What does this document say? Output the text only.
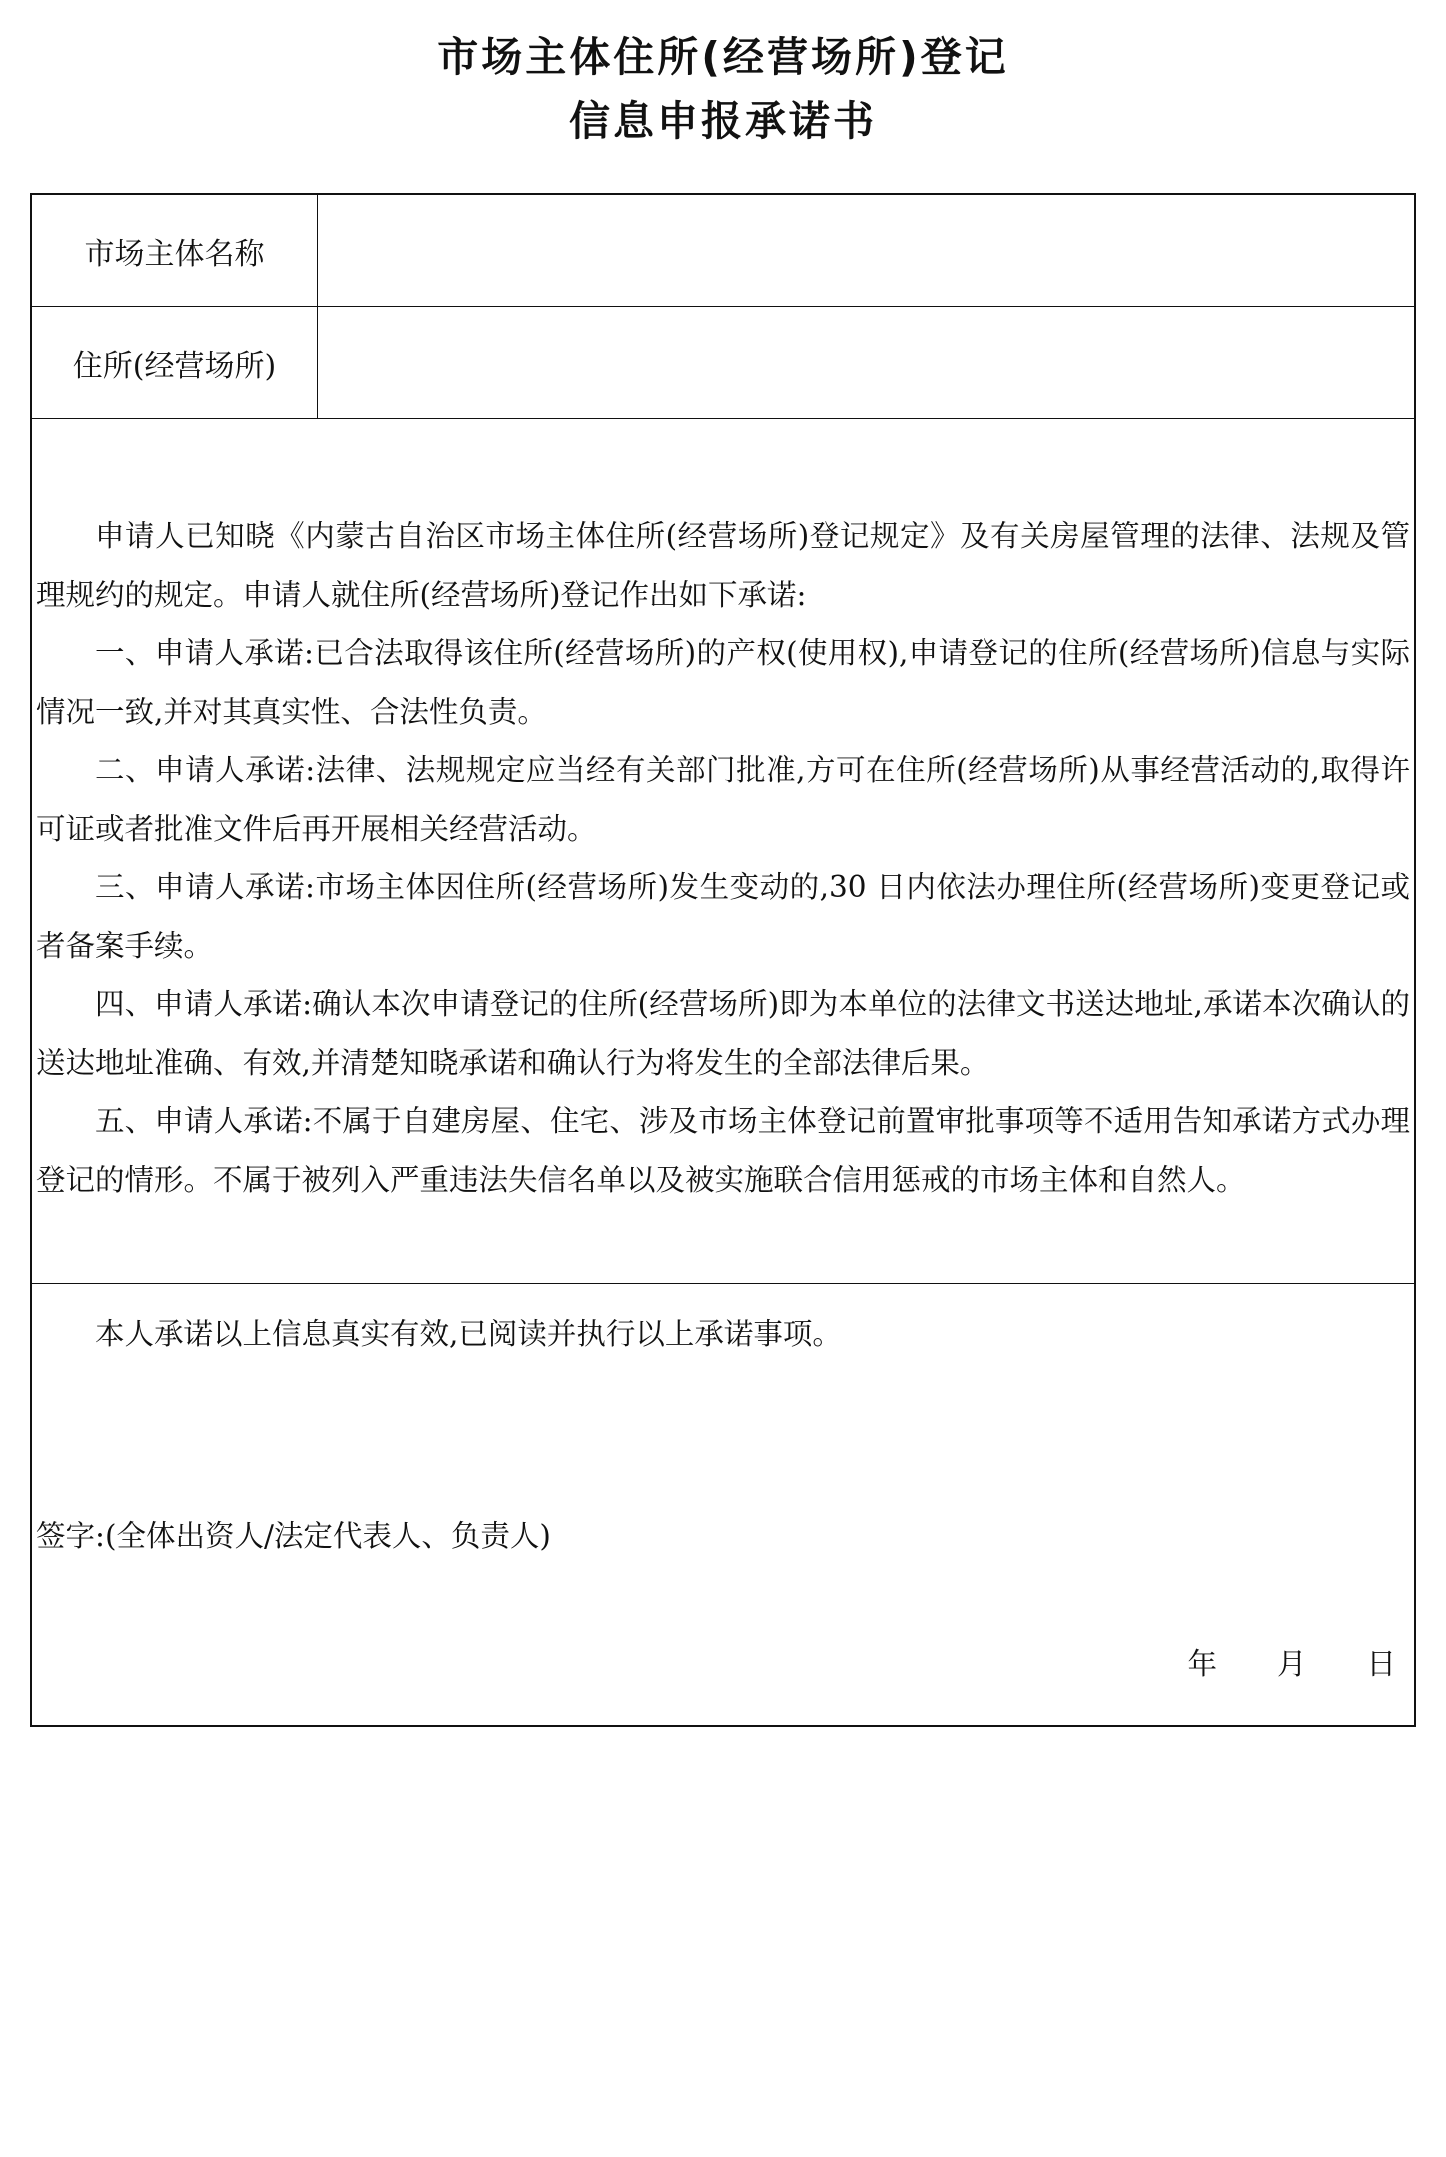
市场主体住所(经营场所)登记
信息申报承诺书
市场主体名称
住所(经营场所)

申请人已知晓《内蒙古自治区市场主体住所(经营场所)登记规定》及有关房屋管理的法律、法规及管理规约的规定。申请人就住所(经营场所)登记作出如下承诺:

一、申请人承诺:已合法取得该住所(经营场所)的产权(使用权),申请登记的住所(经营场所)信息与实际情况一致,并对其真实性、合法性负责。

二、申请人承诺:法律、法规规定应当经有关部门批准,方可在住所(经营场所)从事经营活动的,取得许可证或者批准文件后再开展相关经营活动。

三、申请人承诺:市场主体因住所(经营场所)发生变动的,30 日内依法办理住所(经营场所)变更登记或者备案手续。

四、申请人承诺:确认本次申请登记的住所(经营场所)即为本单位的法律文书送达地址,承诺本次确认的送达地址准确、有效,并清楚知晓承诺和确认行为将发生的全部法律后果。

五、申请人承诺:不属于自建房屋、住宅、涉及市场主体登记前置审批事项等不适用告知承诺方式办理登记的情形。不属于被列入严重违法失信名单以及被实施联合信用惩戒的市场主体和自然人。

本人承诺以上信息真实有效,已阅读并执行以上承诺事项。
签字:(全体出资人/法定代表人、负责人)
年 月 日
